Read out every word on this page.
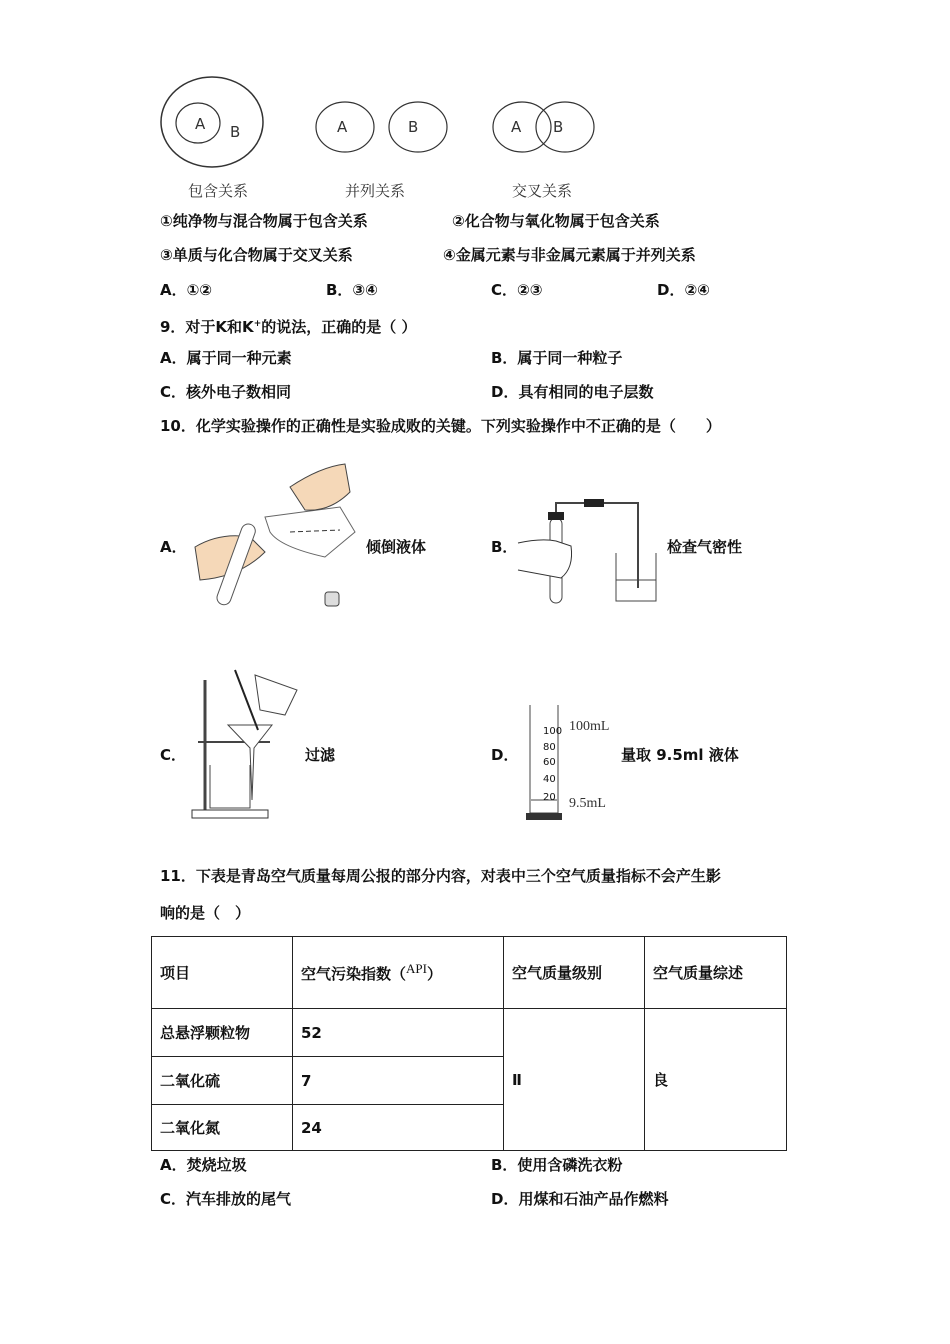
A B	A	B	A B
包含关系	并列关系	交叉关系
①纯净物与混合物属于包含关系	②化合物与氧化物属于包含关系
③单质与化合物属于交叉关系	④金属元素与非金属元素属于并列关系
A．①②	B．③④	C．②③	D．②④
9．对于K和K+的说法，正确的是（ ）
A．属于同一种元素	B．属于同一种粒子
C．核外电子数相同	D．具有相同的电子层数
10．化学实验操作的正确性是实验成败的关键。下列实验操作中不正确的是（　　）
A．	倾倒液体	B．	检查气密性
C．	过滤	D．
100
80
60
40
20
100mL
9.5mL
量取 9.5ml 液体
11．下表是青岛空气质量每周公报的部分内容，对表中三个空气质量指标不会产生影
响的是（　）
项目	空气污染指数（$^{API}$）	空气质量级别	空气质量综述
总悬浮颗粒物	52	Ⅱ	良
二氧化硫	7		
二氧化氮	24		
A．焚烧垃圾	B．使用含磷洗衣粉
C．汽车排放的尾气	D．用煤和石油产品作燃料
